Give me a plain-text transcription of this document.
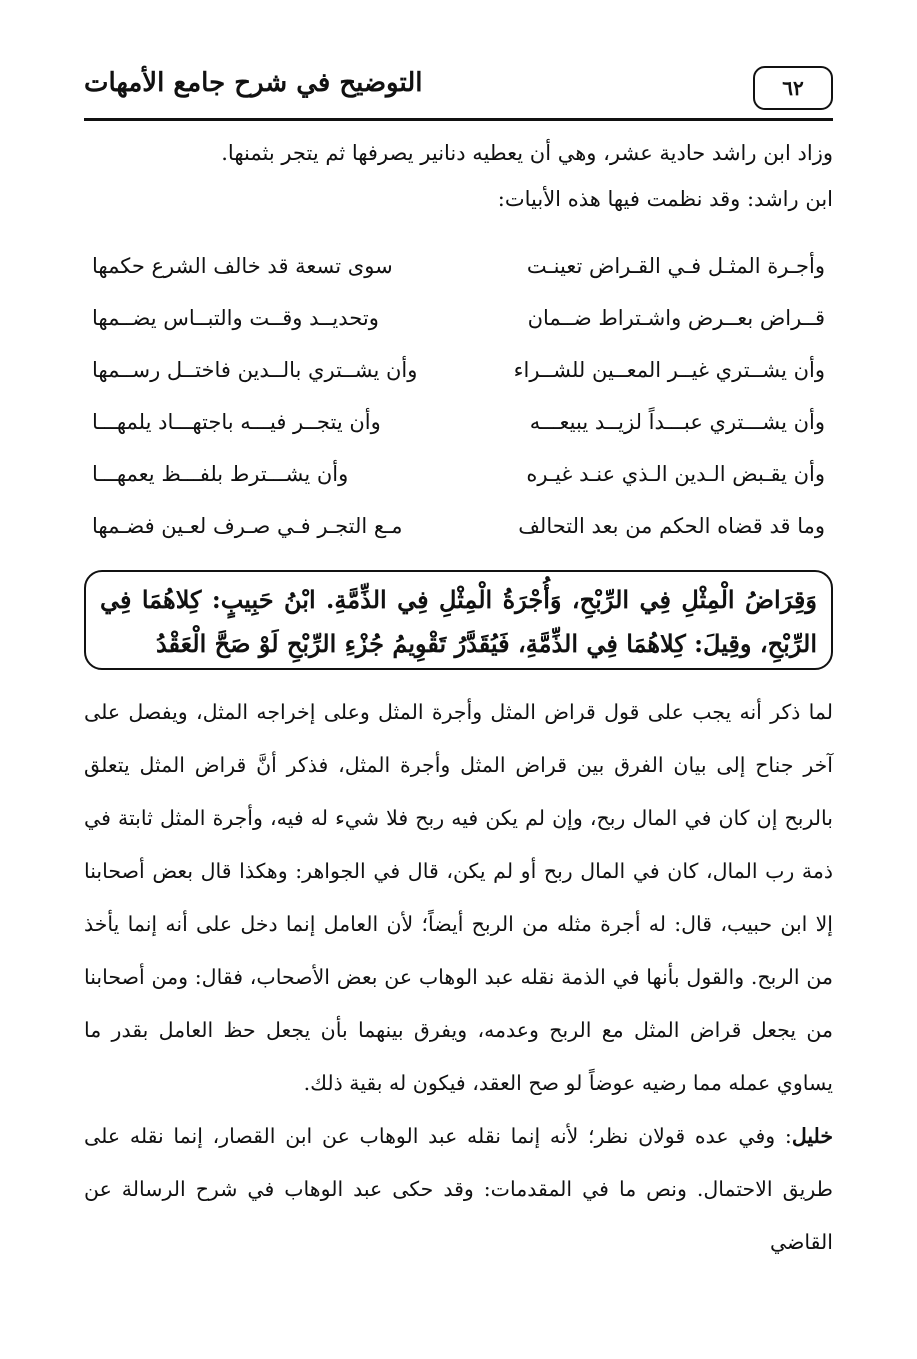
٦٢
التوضيح في شرح جامع الأمهات

وزاد ابن راشد حادية عشر، وهي أن يعطيه دنانير يصرفها ثم يتجر بثمنها.

ابن راشد: وقد نظمت فيها هذه الأبيات:

وأجـرة المثـل فـي القـراض تعينـت
سوى تسعة قد خالف الشرع حكمها
قــراض بعــرض واشـتراط ضــمان
وتحديــد وقــت والتبــاس يضــمها
وأن يشــتري غيــر المعــين للشــراء
وأن يشــتري بالــدين فاختــل رســمها
وأن يشـــتري عبـــداً لزيــد يبيعـــه
وأن يتجــر فيـــه باجتهـــاد يلمهـــا
وأن يقـبض الـدين الـذي عنـد غيـره
وأن يشـــترط بلفـــظ يعمهـــا
وما قد قضاه الحكم من بعد التحالف
مـع التجـر فـي صـرف لعـين فضـمها
وَقِرَاضُ الْمِثْلِ فِي الرِّبْحِ، وَأُجْرَةُ الْمِثْلِ فِي الذِّمَّةِ. ابْنُ حَبِيبٍ: كِلاهُمَا فِي الرِّبْحِ، وقِيلَ: كِلاهُمَا فِي الذِّمَّةِ، فَيُقَدَّرُ تَقْوِيمُ جُزْءِ الرِّبْحِ لَوْ صَحَّ الْعَقْدُ

لما ذكر أنه يجب على قول قراض المثل وأجرة المثل وعلى إخراجه المثل، ويفصل على آخر جناح إلى بيان الفرق بين قراض المثل وأجرة المثل، فذكر أنَّ قراض المثل يتعلق بالربح إن كان في المال ربح، وإن لم يكن فيه ربح فلا شيء له فيه، وأجرة المثل ثابتة في ذمة رب المال، كان في المال ربح أو لم يكن، قال في الجواهر: وهكذا قال بعض أصحابنا إلا ابن حبيب، قال: له أجرة مثله من الربح أيضاً؛ لأن العامل إنما دخل على أنه إنما يأخذ من الربح. والقول بأنها في الذمة نقله عبد الوهاب عن بعض الأصحاب، فقال: ومن أصحابنا من يجعل قراض المثل مع الربح وعدمه، ويفرق بينهما بأن يجعل حظ العامل بقدر ما يساوي عمله مما رضيه عوضاً لو صح العقد، فيكون له بقية ذلك.

خليل: وفي عده قولان نظر؛ لأنه إنما نقله عبد الوهاب عن ابن القصار، إنما نقله على طريق الاحتمال. ونص ما في المقدمات: وقد حكى عبد الوهاب في شرح الرسالة عن القاضي
